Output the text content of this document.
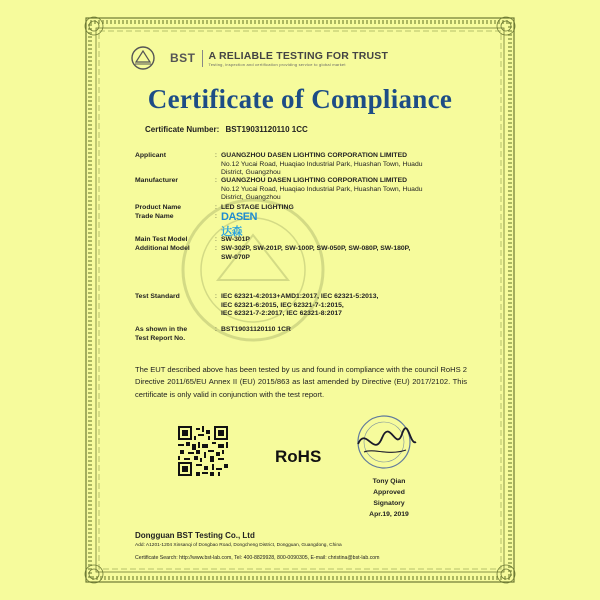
BST A RELIABLE TESTING FOR TRUST
Testing, inspection and certification providing service to global market
Certificate of Compliance
Certificate Number: BST19031120110 1CC
Applicant	: GUANGZHOU DASEN LIGHTING CORPORATION LIMITED
No.12 Yucai Road, Huaqiao Industrial Park, Huashan Town, Huadu
District, Guangzhou
Manufacturer	: GUANGZHOU DASEN LIGHTING CORPORATION LIMITED
No.12 Yucai Road, Huaqiao Industrial Park, Huashan Town, Huadu
District, Guangzhou
Product Name	: LED STAGE LIGHTING
Trade Name	: DASEN 达森
Main Test Model	: SW-301P
Additional Model	: SW-302P, SW-201P, SW-100P, SW-050P, SW-080P, SW-180P,
SW-070P
Test Standard	: IEC 62321-4:2013+AMD1:2017, IEC 62321-5:2013,
IEC 62321-6:2015, IEC 62321-7-1:2015,
IEC 62321-7-2:2017, IEC 62321-8:2017
As shown in the
Test Report No.
: BST19031120110 1CR
The EUT described above has been tested by us and found in compliance with the council RoHS 2 Directive 2011/65/EU Annex II (EU) 2015/863 as last amended by Directive (EU) 2017/2102. This certificate is only valid in conjunction with the test report.
RoHS
Tony Qian
Approved Signatory
Apr.19, 2019
Dongguan BST Testing Co., Ltd
Add: A1201-1204 Xinsanqi of Dongbao Road, Dongcheng District, Dongguan, Guangdong, China
Certificate Search: http://www.bst-lab.com, Tel: 400-8829928, 800-0090305, E-mail: christina@bst-lab.com
